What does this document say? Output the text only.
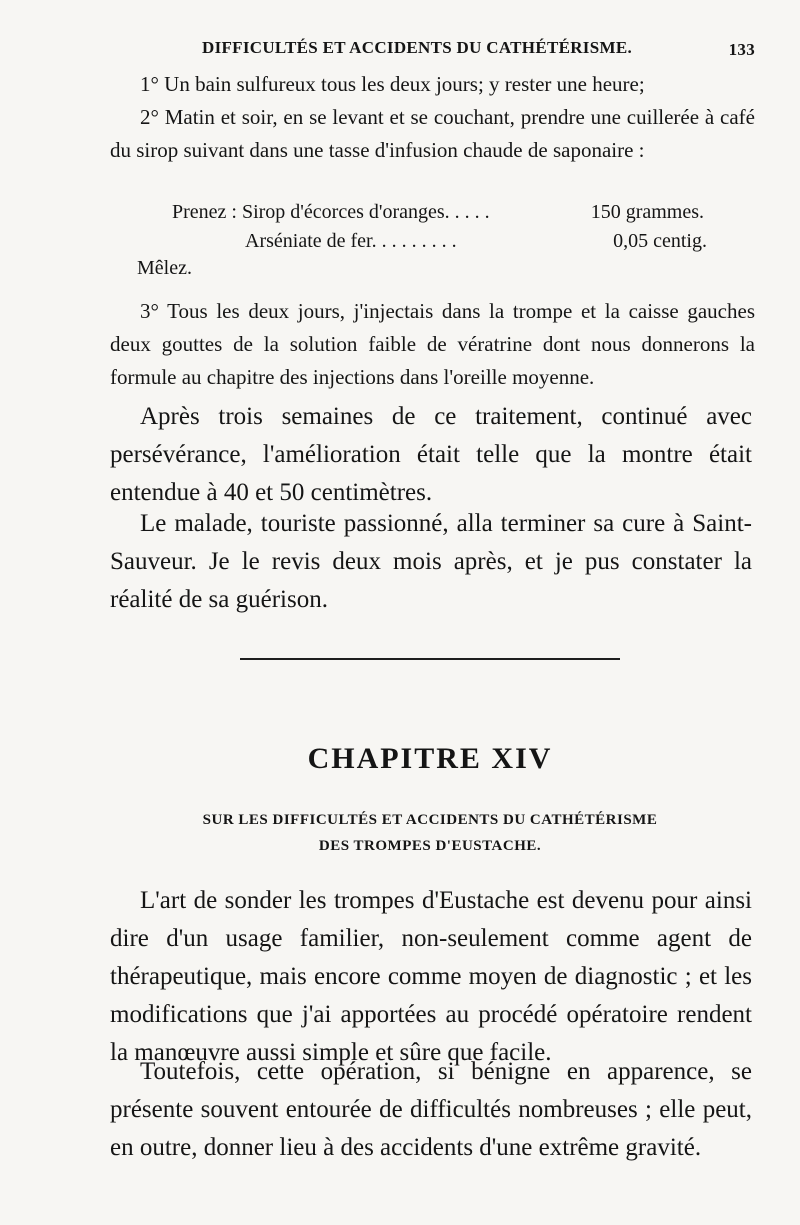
DIFFICULTÉS ET ACCIDENTS DU CATHÉTÉRISME.	133
1° Un bain sulfureux tous les deux jours; y rester une heure;
2° Matin et soir, en se levant et se couchant, prendre une cuillerée à café du sirop suivant dans une tasse d'infusion chaude de saponaire :
Prenez : Sirop d'écorces d'oranges. . . . .	150 grammes.
Arséniate de fer. . . . . . . . .	0,05 centig.
Mêlez.
3° Tous les deux jours, j'injectais dans la trompe et la caisse gauches deux gouttes de la solution faible de vératrine dont nous donnerons la formule au chapitre des injections dans l'oreille moyenne.
Après trois semaines de ce traitement, continué avec persévérance, l'amélioration était telle que la montre était entendue à 40 et 50 centimètres.
Le malade, touriste passionné, alla terminer sa cure à Saint-Sauveur. Je le revis deux mois après, et je pus constater la réalité de sa guérison.
CHAPITRE XIV
SUR LES DIFFICULTÉS ET ACCIDENTS DU CATHÉTÉRISME
DES TROMPES D'EUSTACHE.
L'art de sonder les trompes d'Eustache est devenu pour ainsi dire d'un usage familier, non-seulement comme agent de thérapeutique, mais encore comme moyen de diagnostic ; et les modifications que j'ai apportées au procédé opératoire rendent la manœuvre aussi simple et sûre que facile.
Toutefois, cette opération, si bénigne en apparence, se présente souvent entourée de difficultés nombreuses ; elle peut, en outre, donner lieu à des accidents d'une extrême gravité.
